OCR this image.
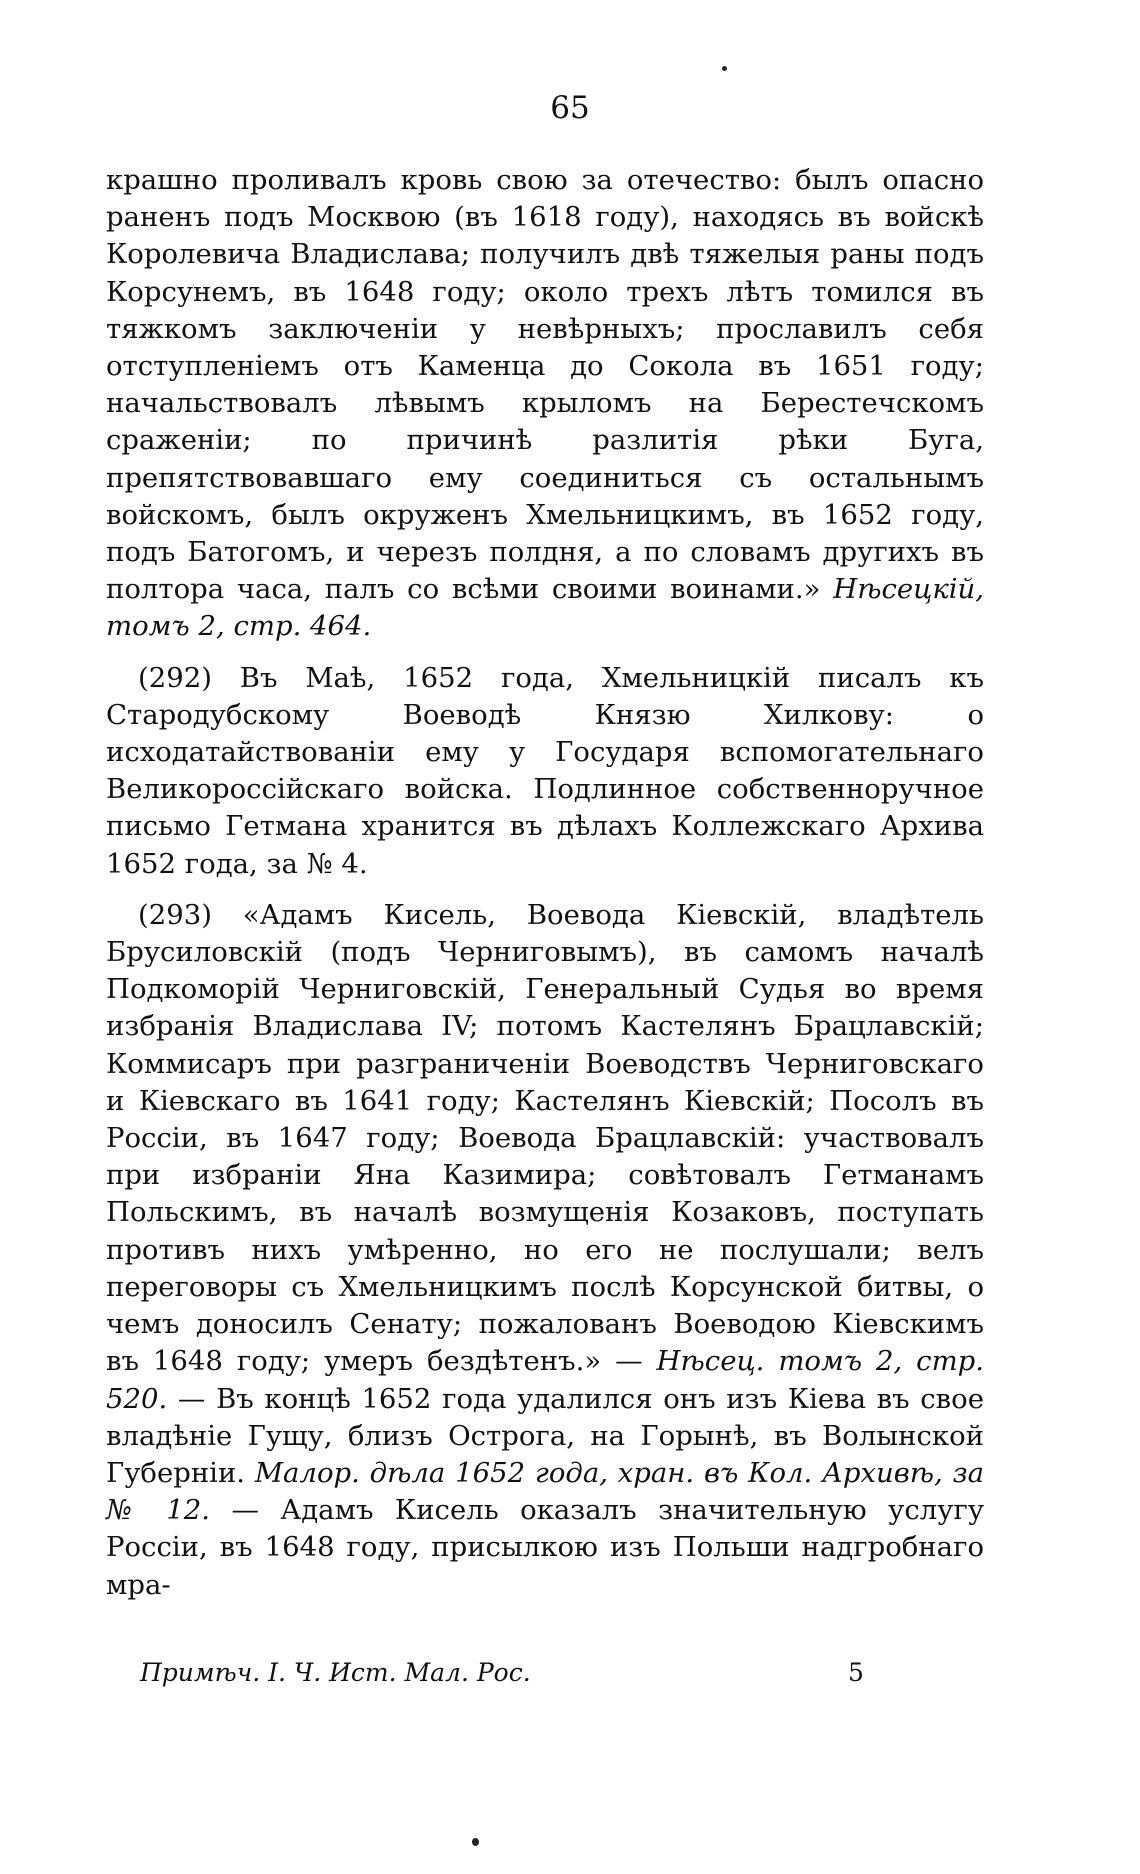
65

крашно проливалъ кровь свою за отечество: былъ опасно раненъ подъ Москвою (въ 1618 году), находясь въ войскѣ Королевича Владислава; получилъ двѣ тяжелыя раны подъ Корсунемъ, въ 1648 году; около трехъ лѣтъ томился въ тяжкомъ заключеніи у невѣрныхъ; прославилъ себя отступленіемъ отъ Каменца до Сокола въ 1651 году; начальствовалъ лѣвымъ крыломъ на Берестечскомъ сраженіи; по причинѣ разлитія рѣки Буга, препятствовавшаго ему соединиться съ остальнымъ войскомъ, былъ окруженъ Хмельницкимъ, въ 1652 году, подъ Батогомъ, и черезъ полдня, а по словамъ другихъ въ полтора часа, палъ со всѣми своими воинами.» Нѣсецкій, томъ 2, стр. 464.

(292) Въ Маѣ, 1652 года, Хмельницкій писалъ къ Стародубскому Воеводѣ Князю Хилкову: о исходатайствованіи ему у Государя вспомогательнаго Великороссійскаго войска. Подлинное собственноручное письмо Гетмана хранится въ дѣлахъ Коллежскаго Архива 1652 года, за № 4.

(293) «Адамъ Кисель, Воевода Кіевскій, владѣтель Брусиловскій (подъ Черниговымъ), въ самомъ началѣ Подкоморій Черниговскій, Генеральный Судья во время избранія Владислава IV; потомъ Кастелянъ Брацлавскій; Коммисаръ при разграниченіи Воеводствъ Черниговскаго и Кіевскаго въ 1641 году; Кастелянъ Кіевскій; Посолъ въ Россіи, въ 1647 году; Воевода Брацлавскій: участвовалъ при избраніи Яна Казимира; совѣтовалъ Гетманамъ Польскимъ, въ началѣ возмущенія Козаковъ, поступать противъ нихъ умѣренно, но его не послушали; велъ переговоры съ Хмельницкимъ послѣ Корсунской битвы, о чемъ доносилъ Сенату; пожалованъ Воеводою Кіевскимъ въ 1648 году; умеръ бездѣтенъ.» — Нѣсец. томъ 2, стр. 520. — Въ концѣ 1652 года удалился онъ изъ Кіева въ свое владѣніе Гущу, близъ Острога, на Горынѣ, въ Волынской Губерніи. Малор. дѣла 1652 года, хран. въ Кол. Архивѣ, за № 12. — Адамъ Кисель оказалъ значительную услугу Россіи, въ 1648 году, присылкою изъ Польши надгробнаго мра-

Примѣч. I. Ч. Ист. Мал. Рос.	5
